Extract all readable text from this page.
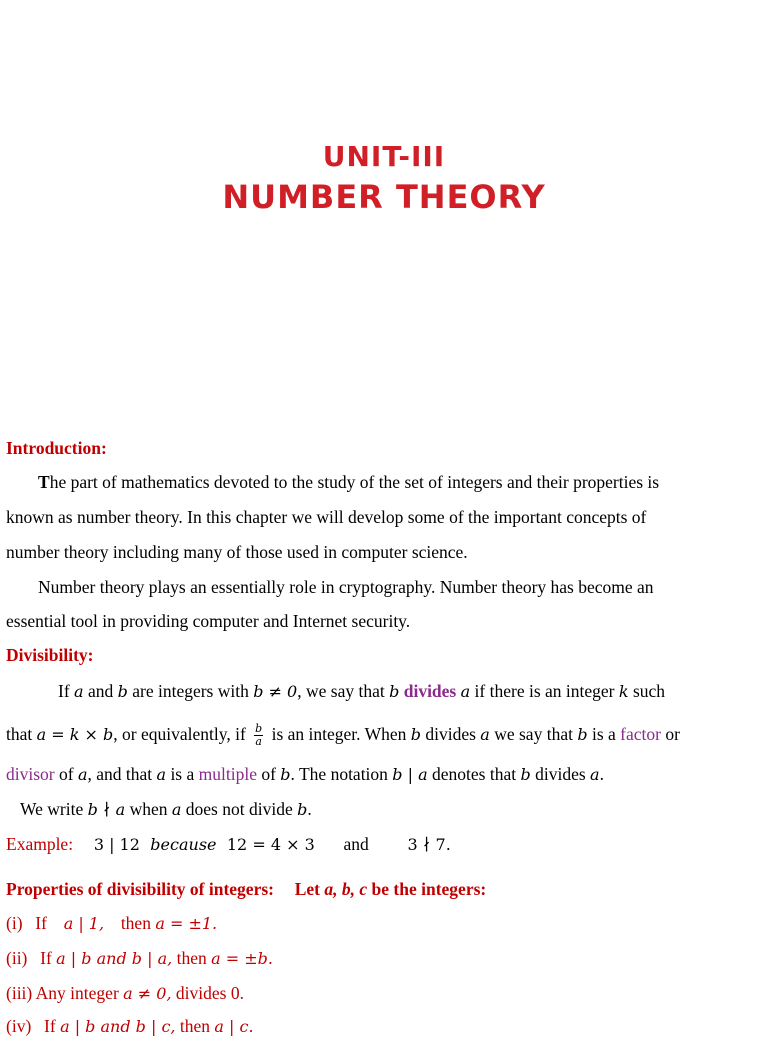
UNIT-III
NUMBER THEORY
Introduction:
The part of mathematics devoted to the study of the set of integers and their properties is
known as number theory. In this chapter we will develop some of the important concepts of
number theory including many of those used in computer science.
Number theory plays an essentially role in cryptography. Number theory has become an
essential tool in providing computer and Internet security.
Divisibility:
If a and b are integers with b ≠ 0, we say that b divides a if there is an integer k such
that a = k × b, or equivalently, if $\frac{b}{a}$ is an integer. When b divides a we say that b is a factor or
divisor of a, and that a is a multiple of b. The notation b | a denotes that b divides a.
We write b ∤ a when a does not divide b.
Example: 3 | 12 because 12 = 4 × 3 and 3 ∤ 7.
Properties of divisibility of integers: Let a, b, c be the integers:
(i) If a | 1, then a = ±1.
(ii) If a | b and b | a, then a = ±b.
(iii) Any integer a ≠ 0, divides 0.
(iv) If a | b and b | c, then a | c.
